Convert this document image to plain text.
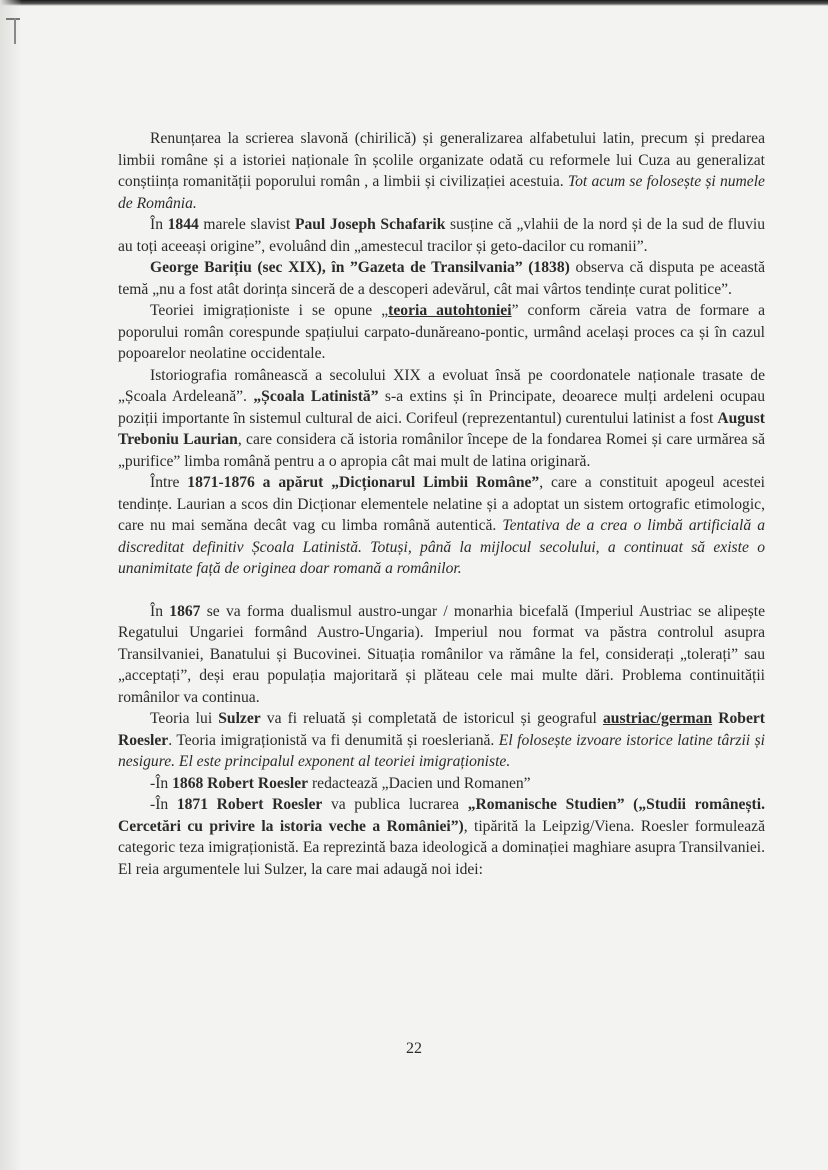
Renunțarea la scrierea slavonă (chirilică) și generalizarea alfabetului latin, precum și predarea limbii române și a istoriei naționale în școlile organizate odată cu reformele lui Cuza au generalizat conștiința romanității poporului român , a limbii și civilizației acestuia. Tot acum se folosește și numele de România.

În 1844 marele slavist Paul Joseph Schafarik susține că „vlahii de la nord și de la sud de fluviu au toți aceeași origine”, evoluând din „amestecul tracilor și geto-dacilor cu romanii”.

George Barițiu (sec XIX), în ”Gazeta de Transilvania” (1838) observa că disputa pe această temă „nu a fost atât dorința sinceră de a descoperi adevărul, cât mai vârtos tendințe curat politice”.

Teoriei imigraționiste i se opune „teoria autohtoniei” conform căreia vatra de formare a poporului român corespunde spațiului carpato-dunăreano-pontic, urmând același proces ca și în cazul popoarelor neolatine occidentale.

Istoriografia românească a secolului XIX a evoluat însă pe coordonatele naționale trasate de „Școala Ardeleană”. „Școala Latinistă” s-a extins și în Principate, deoarece mulți ardeleni ocupau poziții importante în sistemul cultural de aici. Corifeul (reprezentantul) curentului latinist a fost August Treboniu Laurian, care considera că istoria românilor începe de la fondarea Romei și care urmărea să „purifice” limba română pentru a o apropia cât mai mult de latina originară.

Între 1871-1876 a apărut „Dicționarul Limbii Române”, care a constituit apogeul acestei tendințe. Laurian a scos din Dicționar elementele nelatine și a adoptat un sistem ortografic etimologic, care nu mai semăna decât vag cu limba română autentică. Tentativa de a crea o limbă artificială a discreditat definitiv Școala Latinistă. Totuși, până la mijlocul secolului, a continuat să existe o unanimitate față de originea doar romană a românilor.

În 1867 se va forma dualismul austro-ungar / monarhia bicefală (Imperiul Austriac se alipește Regatului Ungariei formând Austro-Ungaria). Imperiul nou format va păstra controlul asupra Transilvaniei, Banatului și Bucovinei. Situația românilor va rămâne la fel, considerați „tolerați” sau „acceptați”, deși erau populația majoritară și plăteau cele mai multe dări. Problema continuității românilor va continua.

Teoria lui Sulzer va fi reluată și completată de istoricul și geograful austriac/german Robert Roesler. Teoria imigraționistă va fi denumită și roesleriană. El folosește izvoare istorice latine târzii și nesigure. El este principalul exponent al teoriei imigraționiste.

-În 1868 Robert Roesler redactează „Dacien und Romanen”

-În 1871 Robert Roesler va publica lucrarea „Romanische Studien” („Studii românești. Cercetări cu privire la istoria veche a României”), tipărită la Leipzig/Viena. Roesler formulează categoric teza imigraționistă. Ea reprezintă baza ideologică a dominației maghiare asupra Transilvaniei. El reia argumentele lui Sulzer, la care mai adaugă noi idei:

22
